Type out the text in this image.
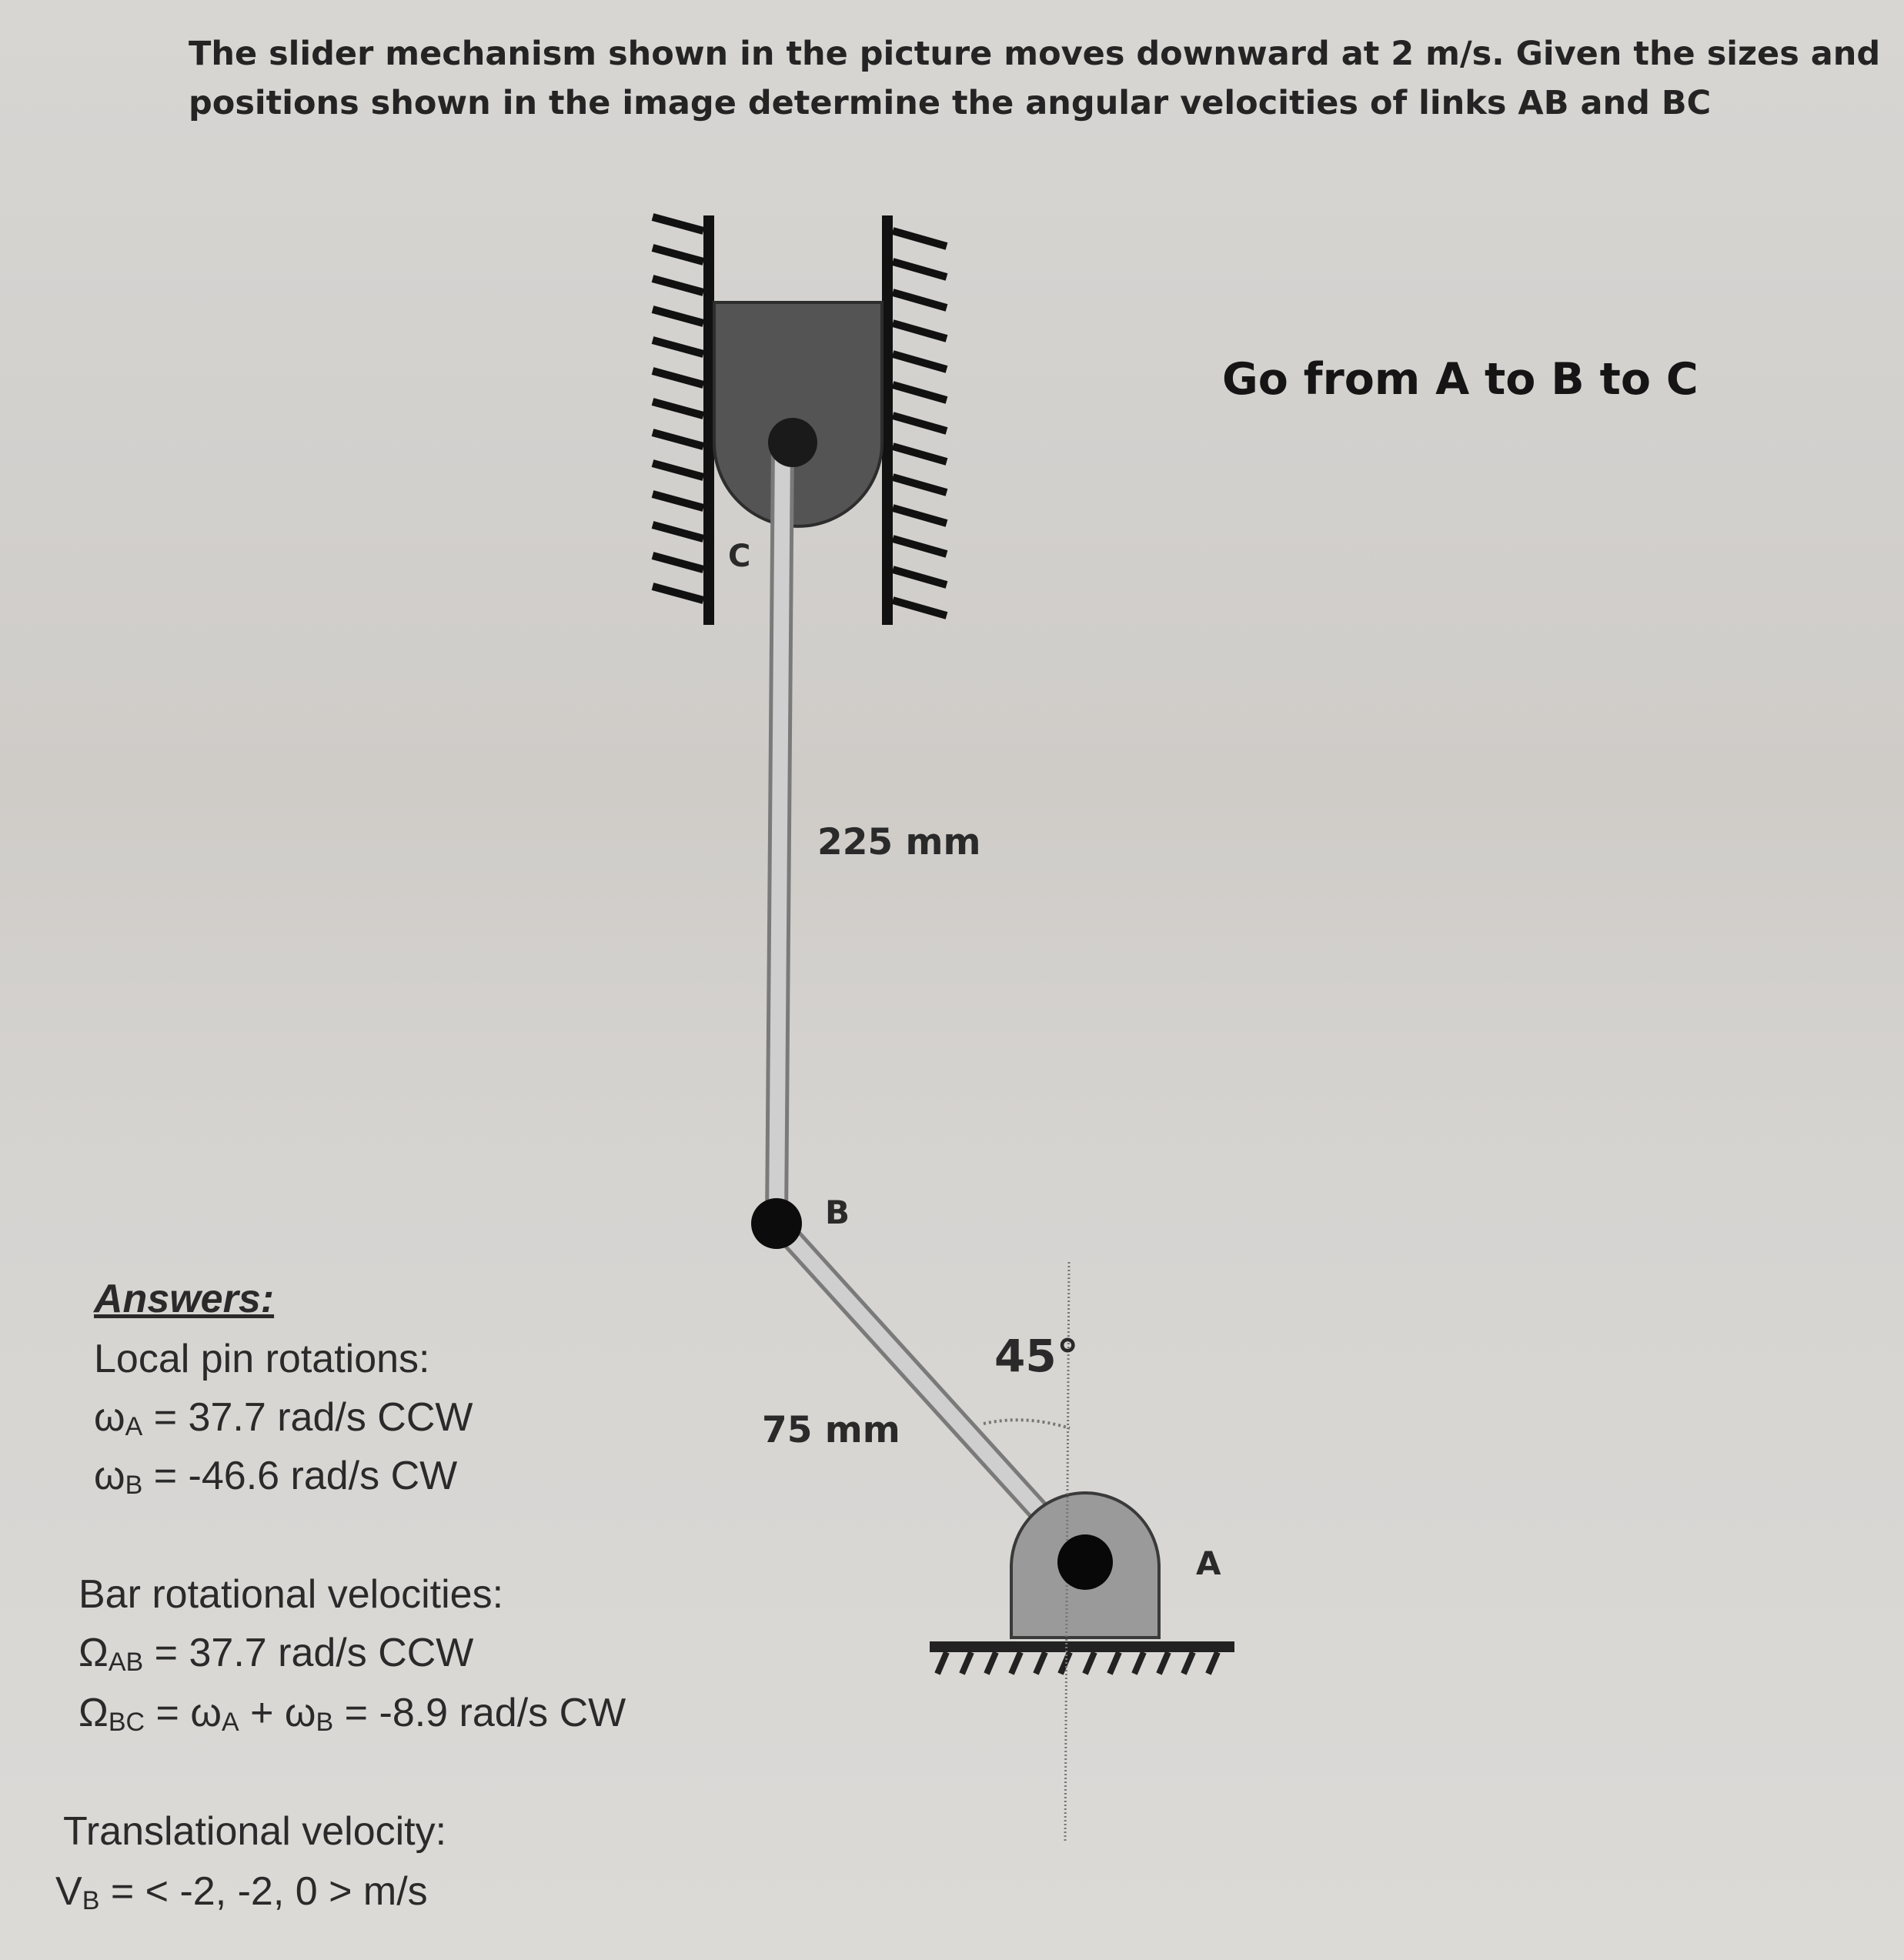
The slider mechanism shown in the picture moves downward at 2 m/s. Given the sizes and
positions shown in the image determine the angular velocities of links AB and BC
Go from A to B to C
C
B
A
225 mm
75 mm
45°
Answers:
Local pin rotations:
ωA = 37.7 rad/s CCW
ωB = -46.6 rad/s CW
Bar rotational velocities:
ΩAB = 37.7 rad/s CCW
ΩBC = ωA + ωB = -8.9 rad/s CW
Translational velocity:
VB = < -2, -2, 0 > m/s
